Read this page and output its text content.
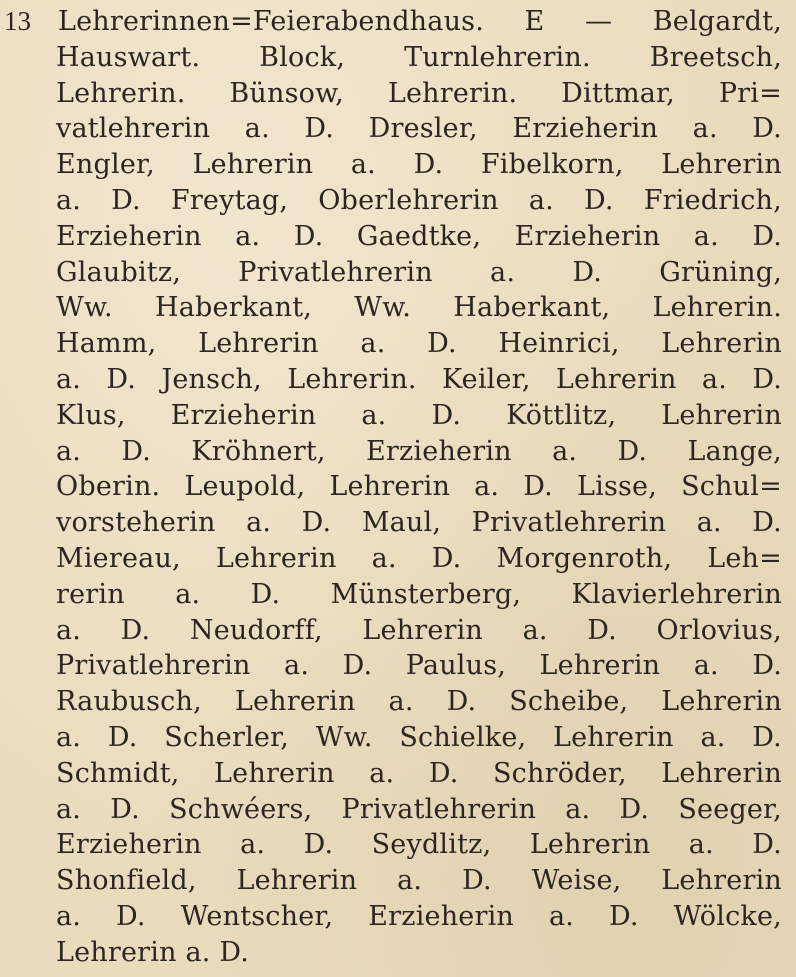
13 Lehrerinnen=Feierabendhaus. E — Belgardt,
Hauswart. Block, Turnlehrerin. Breetsch,
Lehrerin. Bünsow, Lehrerin. Dittmar, Pri=
vatlehrerin a. D. Dresler, Erzieherin a. D.
Engler, Lehrerin a. D. Fibelkorn, Lehrerin
a. D. Freytag, Oberlehrerin a. D. Friedrich,
Erzieherin a. D. Gaedtke, Erzieherin a. D.
Glaubitz, Privatlehrerin a. D. Grüning,
Ww. Haberkant, Ww. Haberkant, Lehrerin.
Hamm, Lehrerin a. D. Heinrici, Lehrerin
a. D. Jensch, Lehrerin. Keiler, Lehrerin a. D.
Klus, Erzieherin a. D. Köttlitz, Lehrerin
a. D. Kröhnert, Erzieherin a. D. Lange,
Oberin. Leupold, Lehrerin a. D. Lisse, Schul=
vorsteherin a. D. Maul, Privatlehrerin a. D.
Miereau, Lehrerin a. D. Morgenroth, Leh=
rerin a. D. Münsterberg, Klavierlehrerin
a. D. Neudorff, Lehrerin a. D. Orlovius,
Privatlehrerin a. D. Paulus, Lehrerin a. D.
Raubusch, Lehrerin a. D. Scheibe, Lehrerin
a. D. Scherler, Ww. Schielke, Lehrerin a. D.
Schmidt, Lehrerin a. D. Schröder, Lehrerin
a. D. Schwéers, Privatlehrerin a. D. Seeger,
Erzieherin a. D. Seydlitz, Lehrerin a. D.
Shonfield, Lehrerin a. D. Weise, Lehrerin
a. D. Wentscher, Erzieherin a. D. Wölcke,
Lehrerin a. D.
